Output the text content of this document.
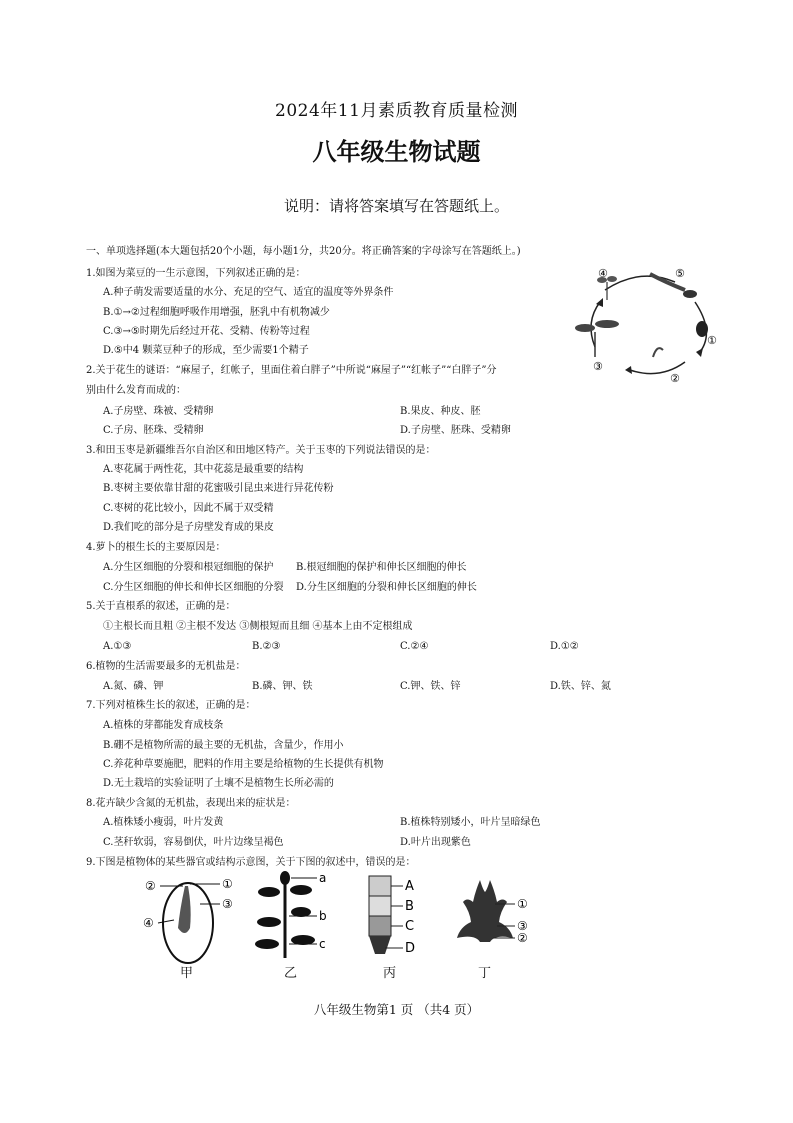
2024年11月素质教育质量检测
八年级生物试题
说明：请将答案填写在答题纸上。
一、单项选择题(本大题包括20个小题，每小题1分，共20分。将正确答案的字母涂写在答题纸上。)
1.如图为菜豆的一生示意图，下列叙述正确的是：
A.种子萌发需要适量的水分、充足的空气、适宜的温度等外界条件
B.①→②过程细胞呼吸作用增强，胚乳中有机物减少
C.③→⑤时期先后经过开花、受精、传粉等过程
D.⑤中4 颗菜豆种子的形成，至少需要1个精子
④	⑤
①
②
③
2.关于花生的谜语：“麻屋子，红帐子，里面住着白胖子”中所说“麻屋子”“红帐子”“白胖子”分
别由什么发育而成的：
A.子房壁、珠被、受精卵	B.果皮、种皮、胚
C.子房、胚珠、受精卵	D.子房壁、胚珠、受精卵
3.和田玉枣是新疆维吾尔自治区和田地区特产。关于玉枣的下列说法错误的是：
A.枣花属于两性花，其中花蕊是最重要的结构
B.枣树主要依靠甘甜的花蜜吸引昆虫来进行异花传粉
C.枣树的花比较小，因此不属于双受精
D.我们吃的部分是子房壁发育成的果皮
4.萝卜的根生长的主要原因是：
A.分生区细胞的分裂和根冠细胞的保护 B.根冠细胞的保护和伸长区细胞的伸长
C.分生区细胞的伸长和伸长区细胞的分裂 D.分生区细胞的分裂和伸长区细胞的伸长
5.关于直根系的叙述，正确的是：
①主根长而且粗 ②主根不发达 ③侧根短而且细 ④基本上由不定根组成
A.①③	B.②③	C.②④	D.①②
6.植物的生活需要最多的无机盐是：
A.氮、磷、钾	B.磷、钾、铁	C.钾、铁、锌	D.铁、锌、氮
7.下列对植株生长的叙述，正确的是：
A.植株的芽都能发育成枝条
B.硼不是植物所需的最主要的无机盐，含量少，作用小
C.养花种草要施肥，肥料的作用主要是给植物的生长提供有机物
D.无土栽培的实验证明了土壤不是植物生长所必需的
8.花卉缺少含氮的无机盐，表现出来的症状是：
A.植株矮小瘦弱，叶片发黄	B.植株特别矮小，叶片呈暗绿色
C.茎秆软弱，容易倒伏，叶片边缘呈褐色	D.叶片出现紫色
9.下图是植物体的某些器官或结构示意图，关于下图的叙述中，错误的是：
②	①
③
④
甲
a
b
c
乙
A
B
C
D
丙
①
③
②
丁
八年级生物第1 页 （共4 页）
